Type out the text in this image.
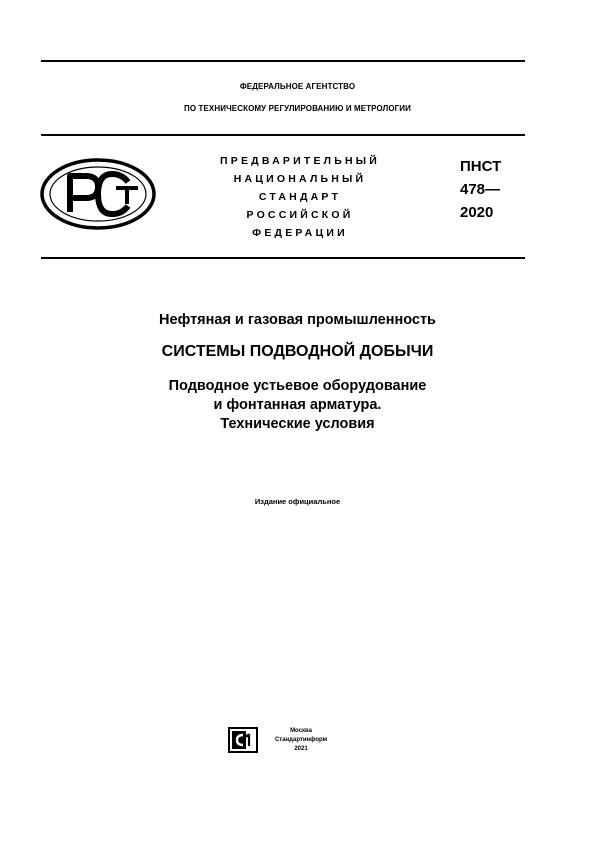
ФЕДЕРАЛЬНОЕ АГЕНТСТВО
ПО ТЕХНИЧЕСКОМУ РЕГУЛИРОВАНИЮ И МЕТРОЛОГИИ
ПРЕДВАРИТЕЛЬНЫЙ
НАЦИОНАЛЬНЫЙ
СТАНДАРТ
РОССИЙСКОЙ
ФЕДЕРАЦИИ
ПНСТ
478—
2020
Нефтяная и газовая промышленность
СИСТЕМЫ ПОДВОДНОЙ ДОБЫЧИ
Подводное устьевое оборудование
и фонтанная арматура.
Технические условия
Издание официальное
Москва
Стандартинформ
2021
